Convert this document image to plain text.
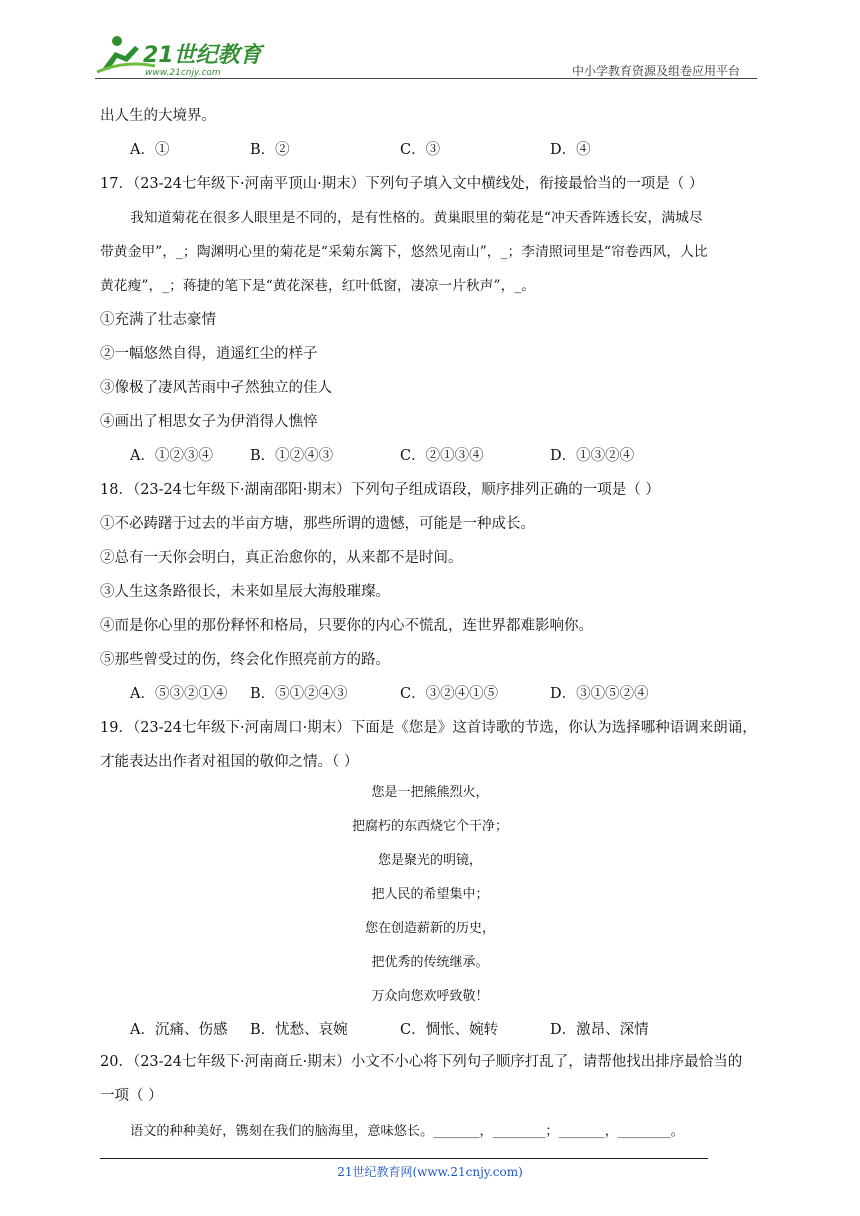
21世纪教育
www.21cnjy.com	中小学教育资源及组卷应用平台
出人生的大境界。
A．①	B．②	C．③	D．④
17．（23-24七年级下·河南平顶山·期末）下列句子填入文中横线处，衔接最恰当的一项是（ ）
我知道菊花在很多人眼里是不同的，是有性格的。黄巢眼里的菊花是“冲天香阵透长安，满城尽
带黄金甲”，_；陶渊明心里的菊花是“采菊东篱下，悠然见南山”，_；李清照词里是“帘卷西风，人比
黄花瘦”，_；蒋捷的笔下是“黄花深巷，红叶低窗，凄凉一片秋声”，_。
①充满了壮志豪情
②一幅悠然自得，逍遥红尘的样子
③像极了凄风苦雨中孑然独立的佳人
④画出了相思女子为伊消得人憔悴
A．①②③④	B．①②④③	C．②①③④	D．①③②④
18．（23-24七年级下·湖南邵阳·期末）下列句子组成语段，顺序排列正确的一项是（ ）
①不必踌躇于过去的半亩方塘，那些所谓的遗憾，可能是一种成长。
②总有一天你会明白，真正治愈你的，从来都不是时间。
③人生这条路很长，未来如星辰大海般璀璨。
④而是你心里的那份释怀和格局，只要你的内心不慌乱，连世界都难影响你。
⑤那些曾受过的伤，终会化作照亮前方的路。
A．⑤③②①④ B．⑤①②④③	C．③②④①⑤	D．③①⑤②④
19．（23-24七年级下·河南周口·期末）下面是《您是》这首诗歌的节选，你认为选择哪种语调来朗诵，
才能表达出作者对祖国的敬仰之情。（ ）
您是一把熊熊烈火，
把腐朽的东西烧它个干净；
您是聚光的明镜，
把人民的希望集中；
您在创造薪新的历史，
把优秀的传统继承。
万众向您欢呼致敬！
A．沉痛、伤感 B．忧愁、哀婉	C．惆怅、婉转	D．激昂、深情
20．（23-24七年级下·河南商丘·期末）小文不小心将下列句子顺序打乱了，请帮他找出排序最恰当的
一项（ ）
语文的种种美好，镌刻在我们的脑海里，意味悠长。_______，________；_______，________。
21世纪教育网(www.21cnjy.com)
